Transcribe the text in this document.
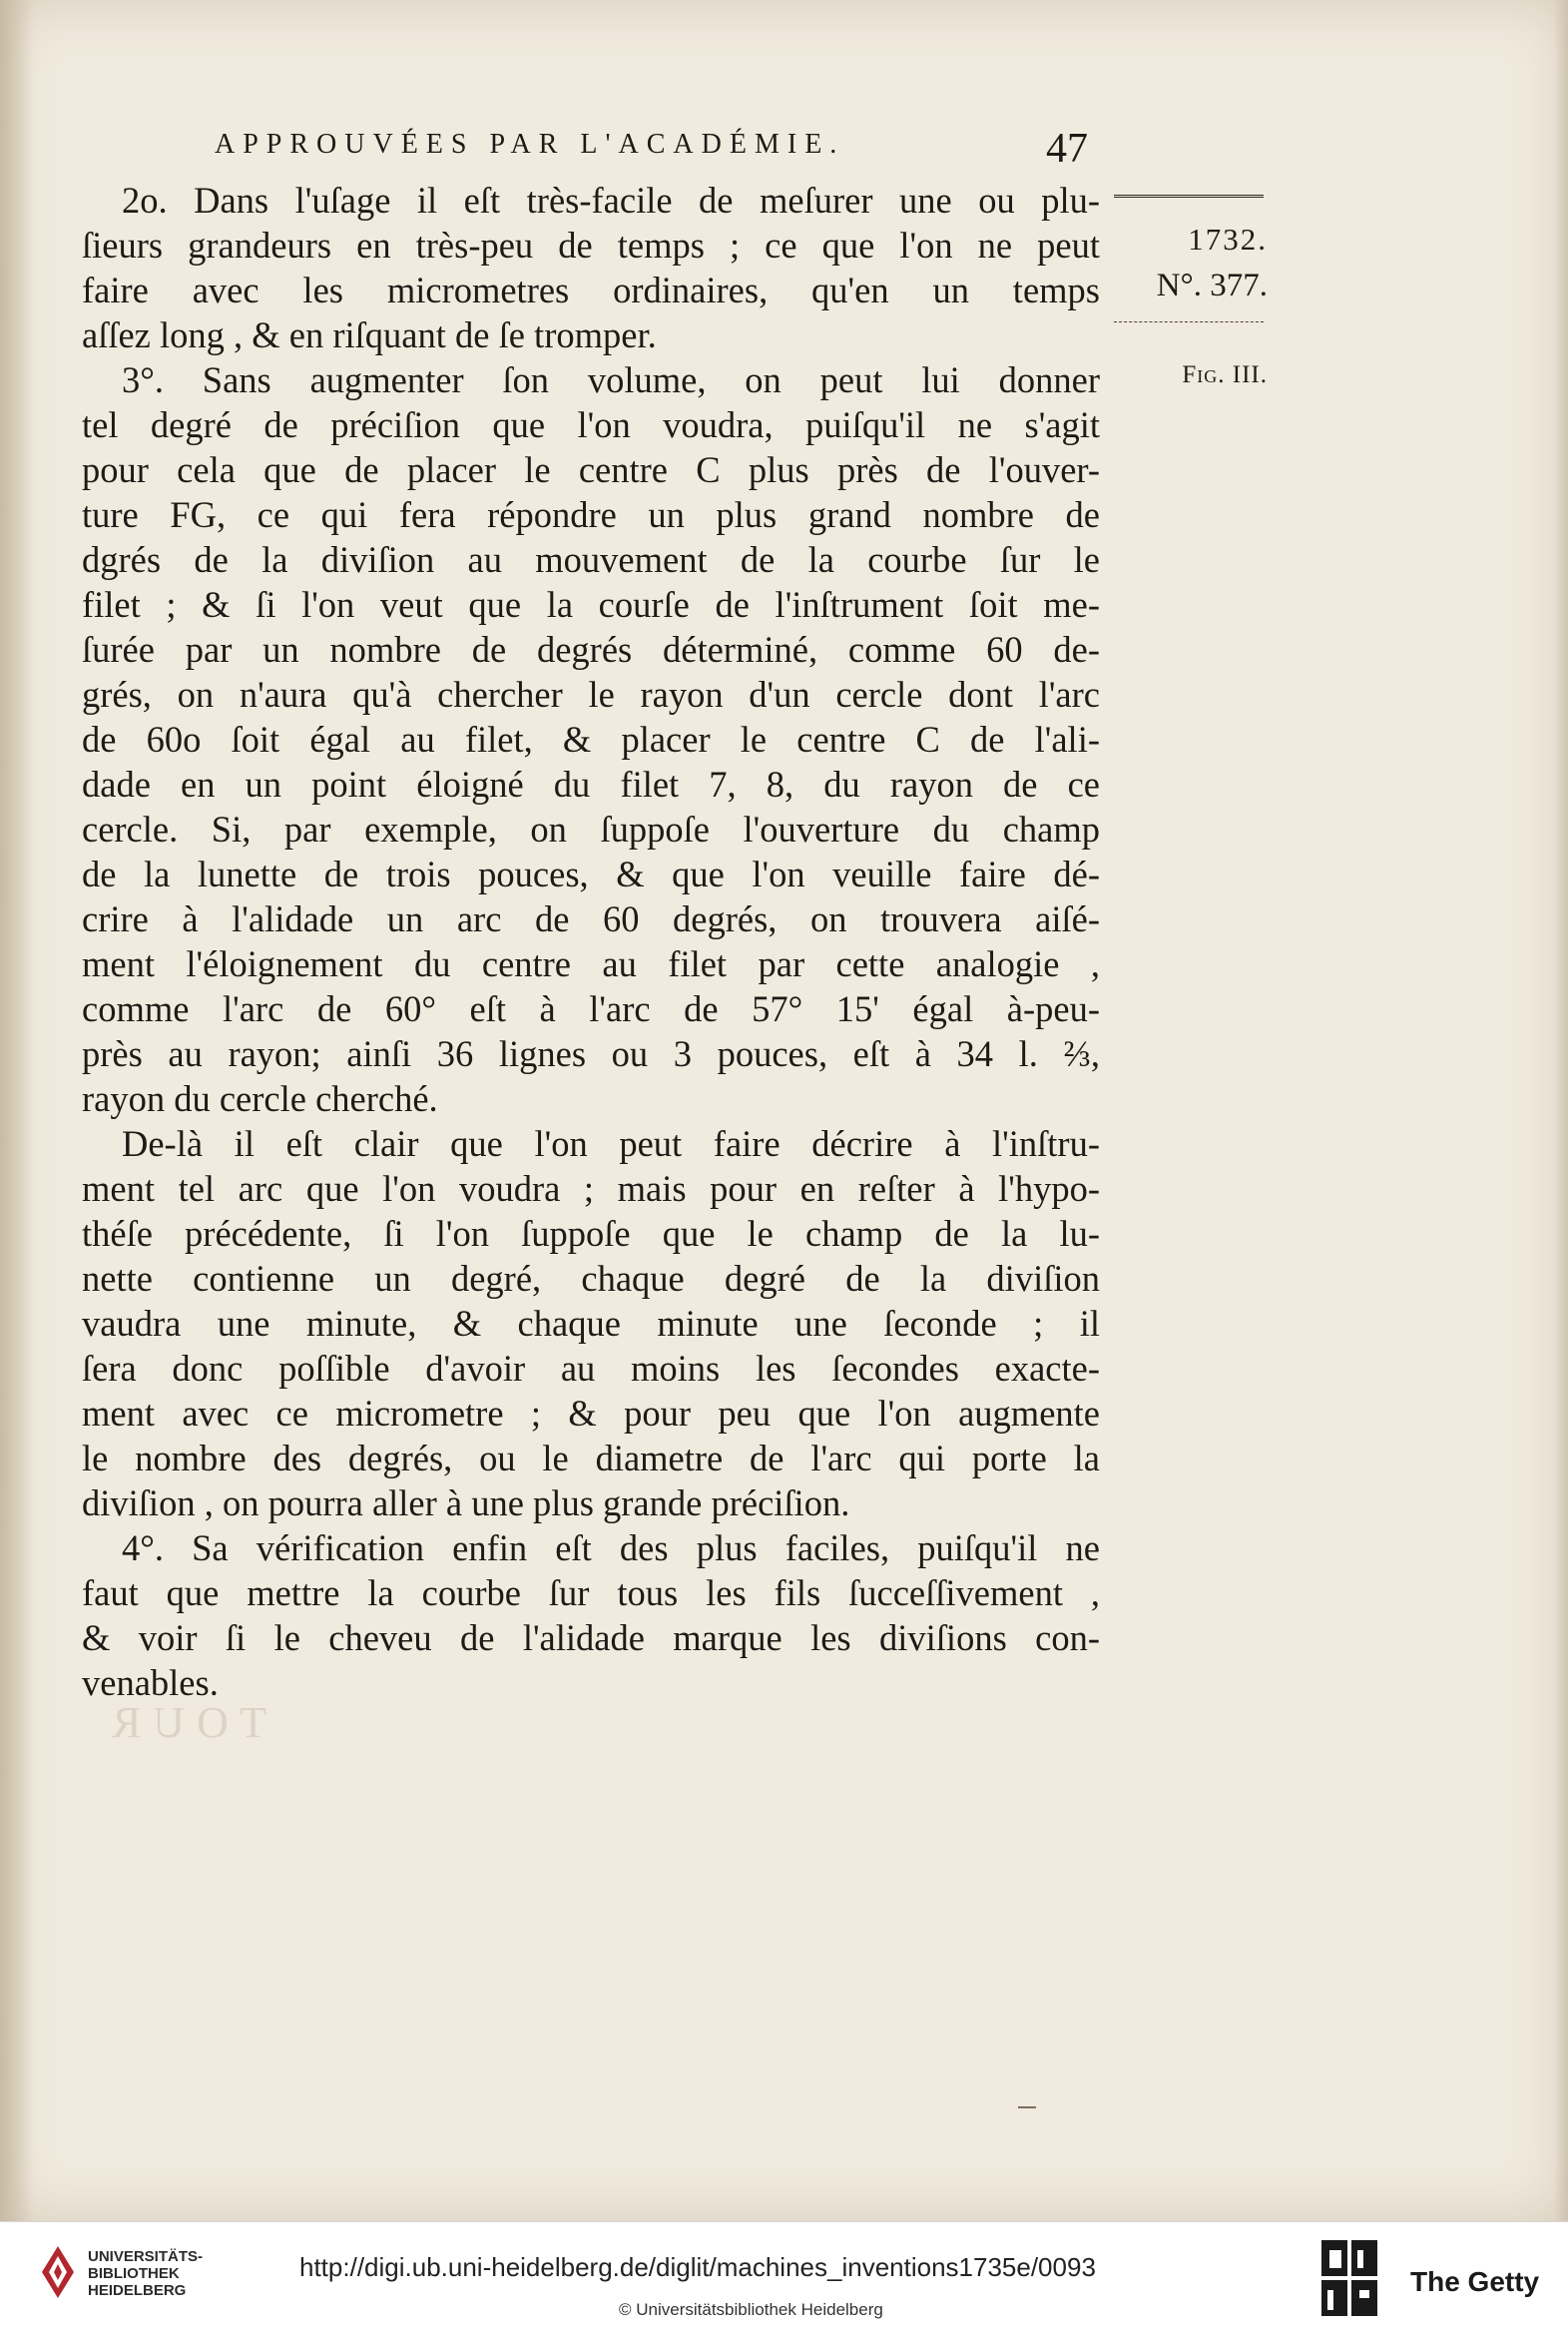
APPROUVÉES PAR L'ACADÉMIE.	47
1732.
N°. 377.
Fig. III.
2o. Dans l'uſage il eſt très-facile de meſurer une ou plu-
ſieurs grandeurs en très-peu de temps ; ce que l'on ne peut
faire avec les micrometres ordinaires, qu'en un temps
aſſez long , & en riſquant de ſe tromper.
3°. Sans augmenter ſon volume, on peut lui donner
tel degré de préciſion que l'on voudra, puiſqu'il ne s'agit
pour cela que de placer le centre C plus près de l'ouver-
ture FG, ce qui fera répondre un plus grand nombre de
dgrés de la diviſion au mouvement de la courbe ſur le
filet ; & ſi l'on veut que la courſe de l'inſtrument ſoit me-
ſurée par un nombre de degrés déterminé, comme 60 de-
grés, on n'aura qu'à chercher le rayon d'un cercle dont l'arc
de 60o ſoit égal au filet, & placer le centre C de l'ali-
dade en un point éloigné du filet 7, 8, du rayon de ce
cercle. Si, par exemple, on ſuppoſe l'ouverture du champ
de la lunette de trois pouces, & que l'on veuille faire dé-
crire à l'alidade un arc de 60 degrés, on trouvera aiſé-
ment l'éloignement du centre au filet par cette analogie ,
comme l'arc de 60° eſt à l'arc de 57° 15' égal à-peu-
près au rayon; ainſi 36 lignes ou 3 pouces, eſt à 34 l. ⅔,
rayon du cercle cherché.
De-là il eſt clair que l'on peut faire décrire à l'inſtru-
ment tel arc que l'on voudra ; mais pour en reſter à l'hypo-
théſe précédente, ſi l'on ſuppoſe que le champ de la lu-
nette contienne un degré, chaque degré de la diviſion
vaudra une minute, & chaque minute une ſeconde ; il
ſera donc poſſible d'avoir au moins les ſecondes exacte-
ment avec ce micrometre ; & pour peu que l'on augmente
le nombre des degrés, ou le diametre de l'arc qui porte la
diviſion , on pourra aller à une plus grande préciſion.
4°. Sa vérification enfin eſt des plus faciles, puiſqu'il ne
faut que mettre la courbe ſur tous les fils ſucceſſivement ,
& voir ſi le cheveu de l'alidade marque les diviſions con-
venables.
TOUR
UNIVERSITÄTS-
BIBLIOTHEK
HEIDELBERG
http://digi.ub.uni-heidelberg.de/diglit/machines_inventions1735e/0093
© Universitätsbibliothek Heidelberg
The Getty
